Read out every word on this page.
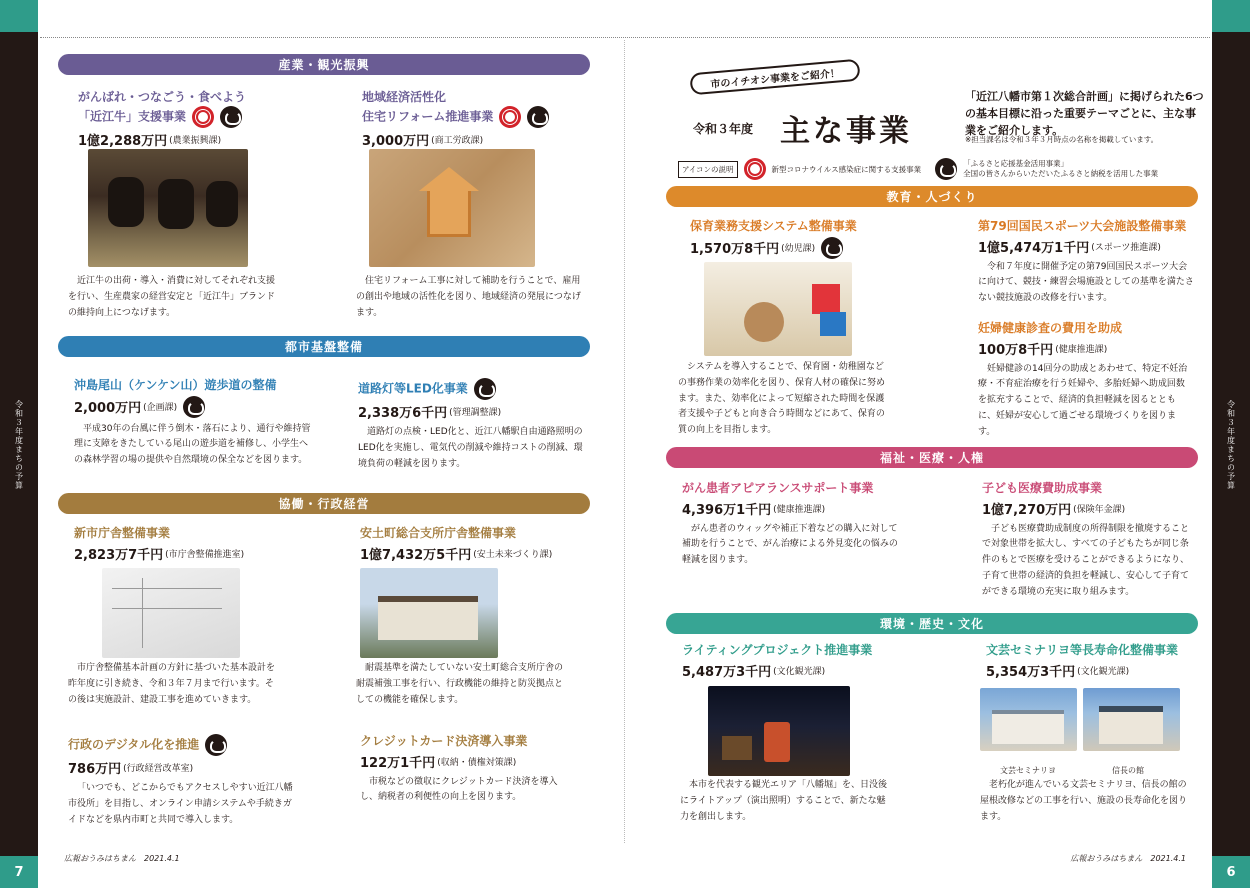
令和３年度まちの予算
7
令和３年度まちの予算
6
広報おうみはちまん　2021.4.1	広報おうみはちまん　2021.4.1
産業・観光振興
がんばれ・つなごう・食べよう
「近江牛」支援事業
1億2,288万円 (農業振興課)
近江牛の出荷・導入・消費に対してそれぞれ支援を行い、生産農家の経営安定と「近江牛」ブランドの維持向上につなげます。
地域経済活性化
住宅リフォーム推進事業
3,000万円 (商工労政課)
住宅リフォーム工事に対して補助を行うことで、雇用の創出や地域の活性化を図り、地域経済の発展につなげます。
都市基盤整備
沖島尾山（ケンケン山）遊歩道の整備
2,000万円 (企画課)
平成30年の台風に伴う倒木・落石により、通行や維持管理に支障をきたしている尾山の遊歩道を補修し、小学生への森林学習の場の提供や自然環境の保全などを図ります。
道路灯等LED化事業
2,338万6千円 (管理調整課)
道路灯の点検・LED化と、近江八幡駅自由通路照明のLED化を実施し、電気代の削減や維持コストの削減、環境負荷の軽減を図ります。
協働・行政経営
新市庁舎整備事業
2,823万7千円 (市庁舎整備推進室)
市庁舎整備基本計画の方針に基づいた基本設計を昨年度に引き続き、令和３年７月まで行います。その後は実施設計、建設工事を進めていきます。
安土町総合支所庁舎整備事業
1億7,432万5千円 (安土未来づくり課)
耐震基準を満たしていない安土町総合支所庁舎の耐震補強工事を行い、行政機能の維持と防災拠点としての機能を確保します。
行政のデジタル化を推進
786万円 (行政経営改革室)
「いつでも、どこからでもアクセスしやすい近江八幡市役所」を目指し、オンライン申請システムや手続きガイドなどを県内市町と共同で導入します。
クレジットカード決済導入事業
122万1千円 (収納・債権対策課)
市税などの徴収にクレジットカード決済を導入し、納税者の利便性の向上を図ります。
市のイチオシ事業をご紹介！
令和３年度 主な事業
「近江八幡市第１次総合計画」に掲げられた6つの基本目標に沿った重要テーマごとに、主な事業をご紹介します。
※担当課名は令和３年３月時点の名称を掲載しています。
アイコンの説明	新型コロナウイルス感染症に関する支援事業
「ふるさと応援基金活用事業」
全国の皆さんからいただいたふるさと納税を活用した事業
教育・人づくり
保育業務支援システム整備事業
1,570万8千円 (幼児課)
システムを導入することで、保育園・幼稚園などの事務作業の効率化を図り、保育人材の確保に努めます。また、効率化によって短縮された時間を保護者支援や子どもと向き合う時間などにあて、保育の質の向上を目指します。
第79回国民スポーツ大会施設整備事業
1億5,474万1千円 (スポーツ推進課)
令和７年度に開催予定の第79回国民スポーツ大会に向けて、競技・練習会場施設としての基準を満たさない競技施設の改修を行います。
妊婦健康診査の費用を助成
100万8千円 (健康推進課)
妊婦健診の14回分の助成とあわせて、特定不妊治療・不育症治療を行う妊婦や、多胎妊婦へ助成回数を拡充することで、経済的負担軽減を図るとともに、妊婦が安心して過ごせる環境づくりを図ります。
福祉・医療・人権
がん患者アピアランスサポート事業
4,396万1千円 (健康推進課)
がん患者のウィッグや補正下着などの購入に対して補助を行うことで、がん治療による外見変化の悩みの軽減を図ります。
子ども医療費助成事業
1億7,270万円 (保険年金課)
子ども医療費助成制度の所得制限を撤廃することで対象世帯を拡大し、すべての子どもたちが同じ条件のもとで医療を受けることができるようになり、子育て世帯の経済的負担を軽減し、安心して子育てができる環境の充実に取り組みます。
環境・歴史・文化
ライティングプロジェクト推進事業
5,487万3千円 (文化観光課)
本市を代表する観光エリア「八幡堀」を、日没後にライトアップ（演出照明）することで、新たな魅力を創出します。
文芸セミナリヨ等長寿命化整備事業
5,354万3千円 (文化観光課)
文芸セミナリヨ	信長の館
老朽化が進んでいる文芸セミナリヨ、信長の館の屋根改修などの工事を行い、施設の長寿命化を図ります。
